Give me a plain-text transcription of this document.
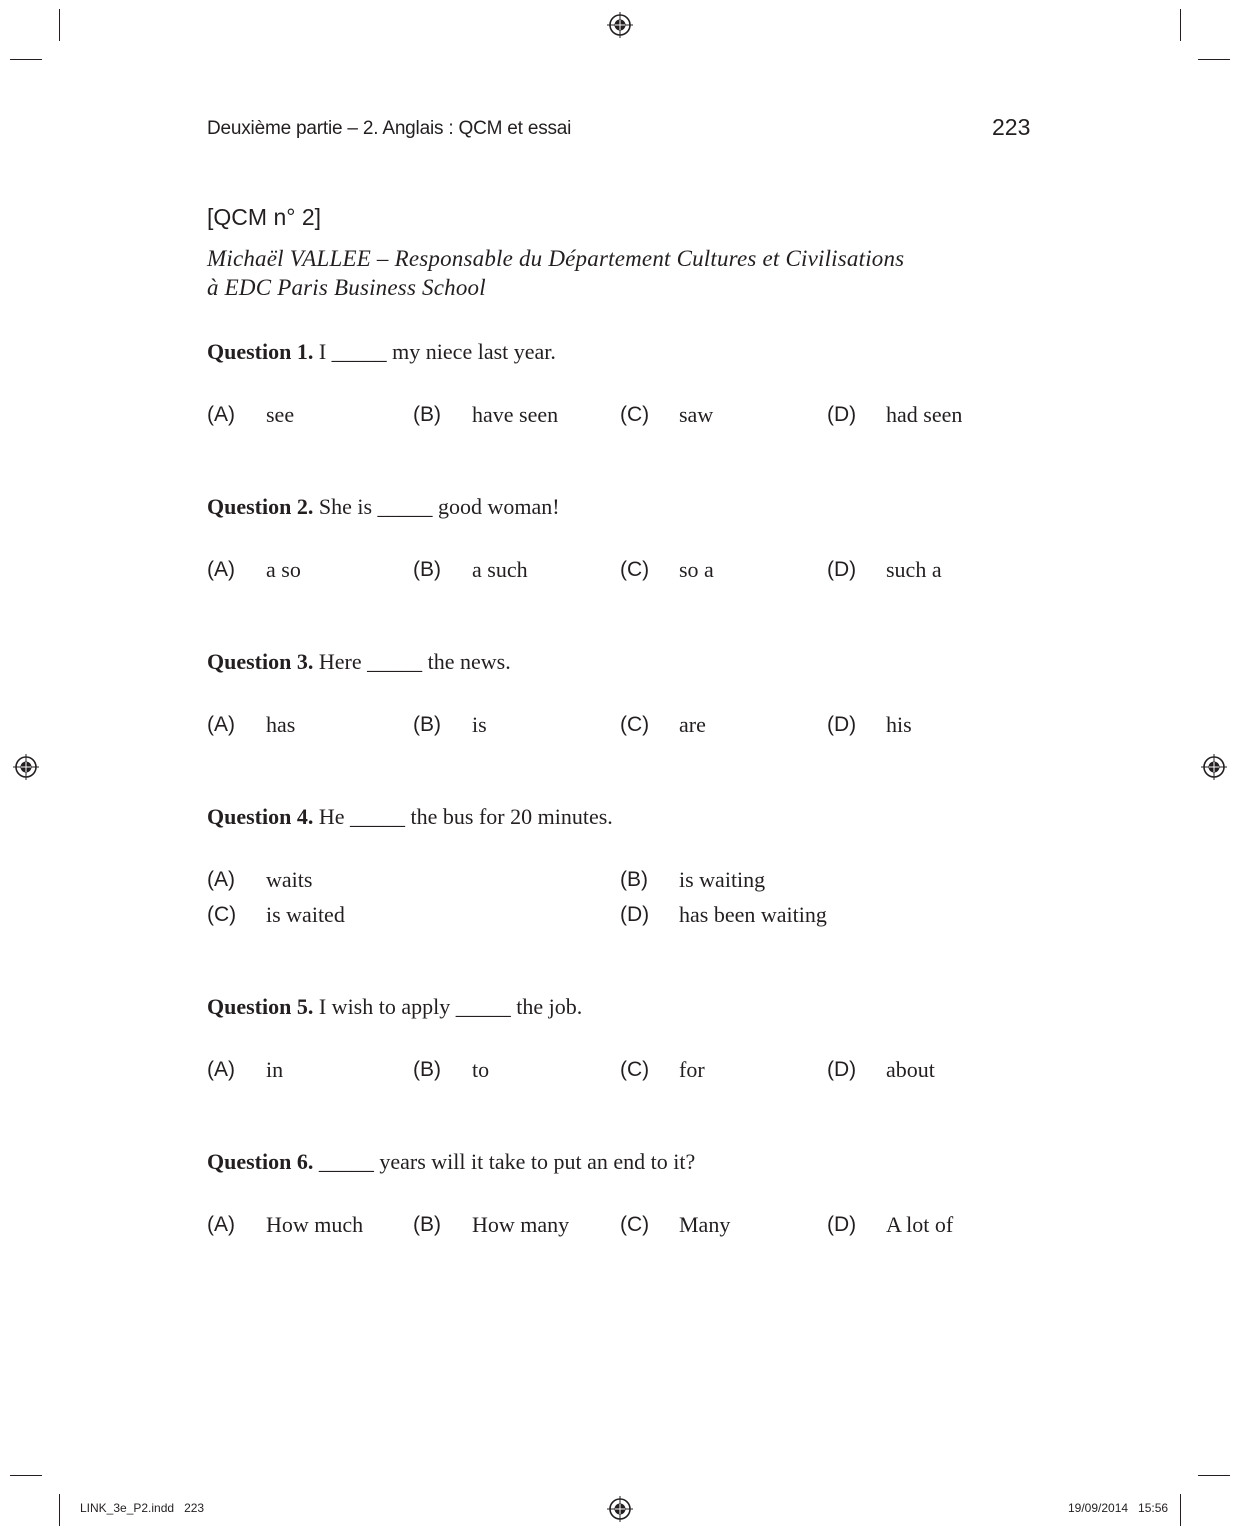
Deuxième partie – 2. Anglais : QCM et essai	223
[QCM n° 2]
Michaël VALLEE – Responsable du Département Cultures et Civilisations
à EDC Paris Business School
Question 1. I _____ my niece last year.
(A) see	(B) have seen	(C) saw	(D) had seen
Question 2. She is _____ good woman!
(A) a so	(B) a such	(C) so a	(D) such a
Question 3. Here _____ the news.
(A) has	(B) is	(C) are	(D) his
Question 4. He _____ the bus for 20 minutes.
(A) waits	(B) is waiting
(C) is waited	(D) has been waiting
Question 5. I wish to apply _____ the job.
(A) in	(B) to	(C) for	(D) about
Question 6. _____ years will it take to put an end to it?
(A) How much (B) How many (C) Many	(D) A lot of
LINK_3e_P2.indd   223	19/09/2014   15:56
